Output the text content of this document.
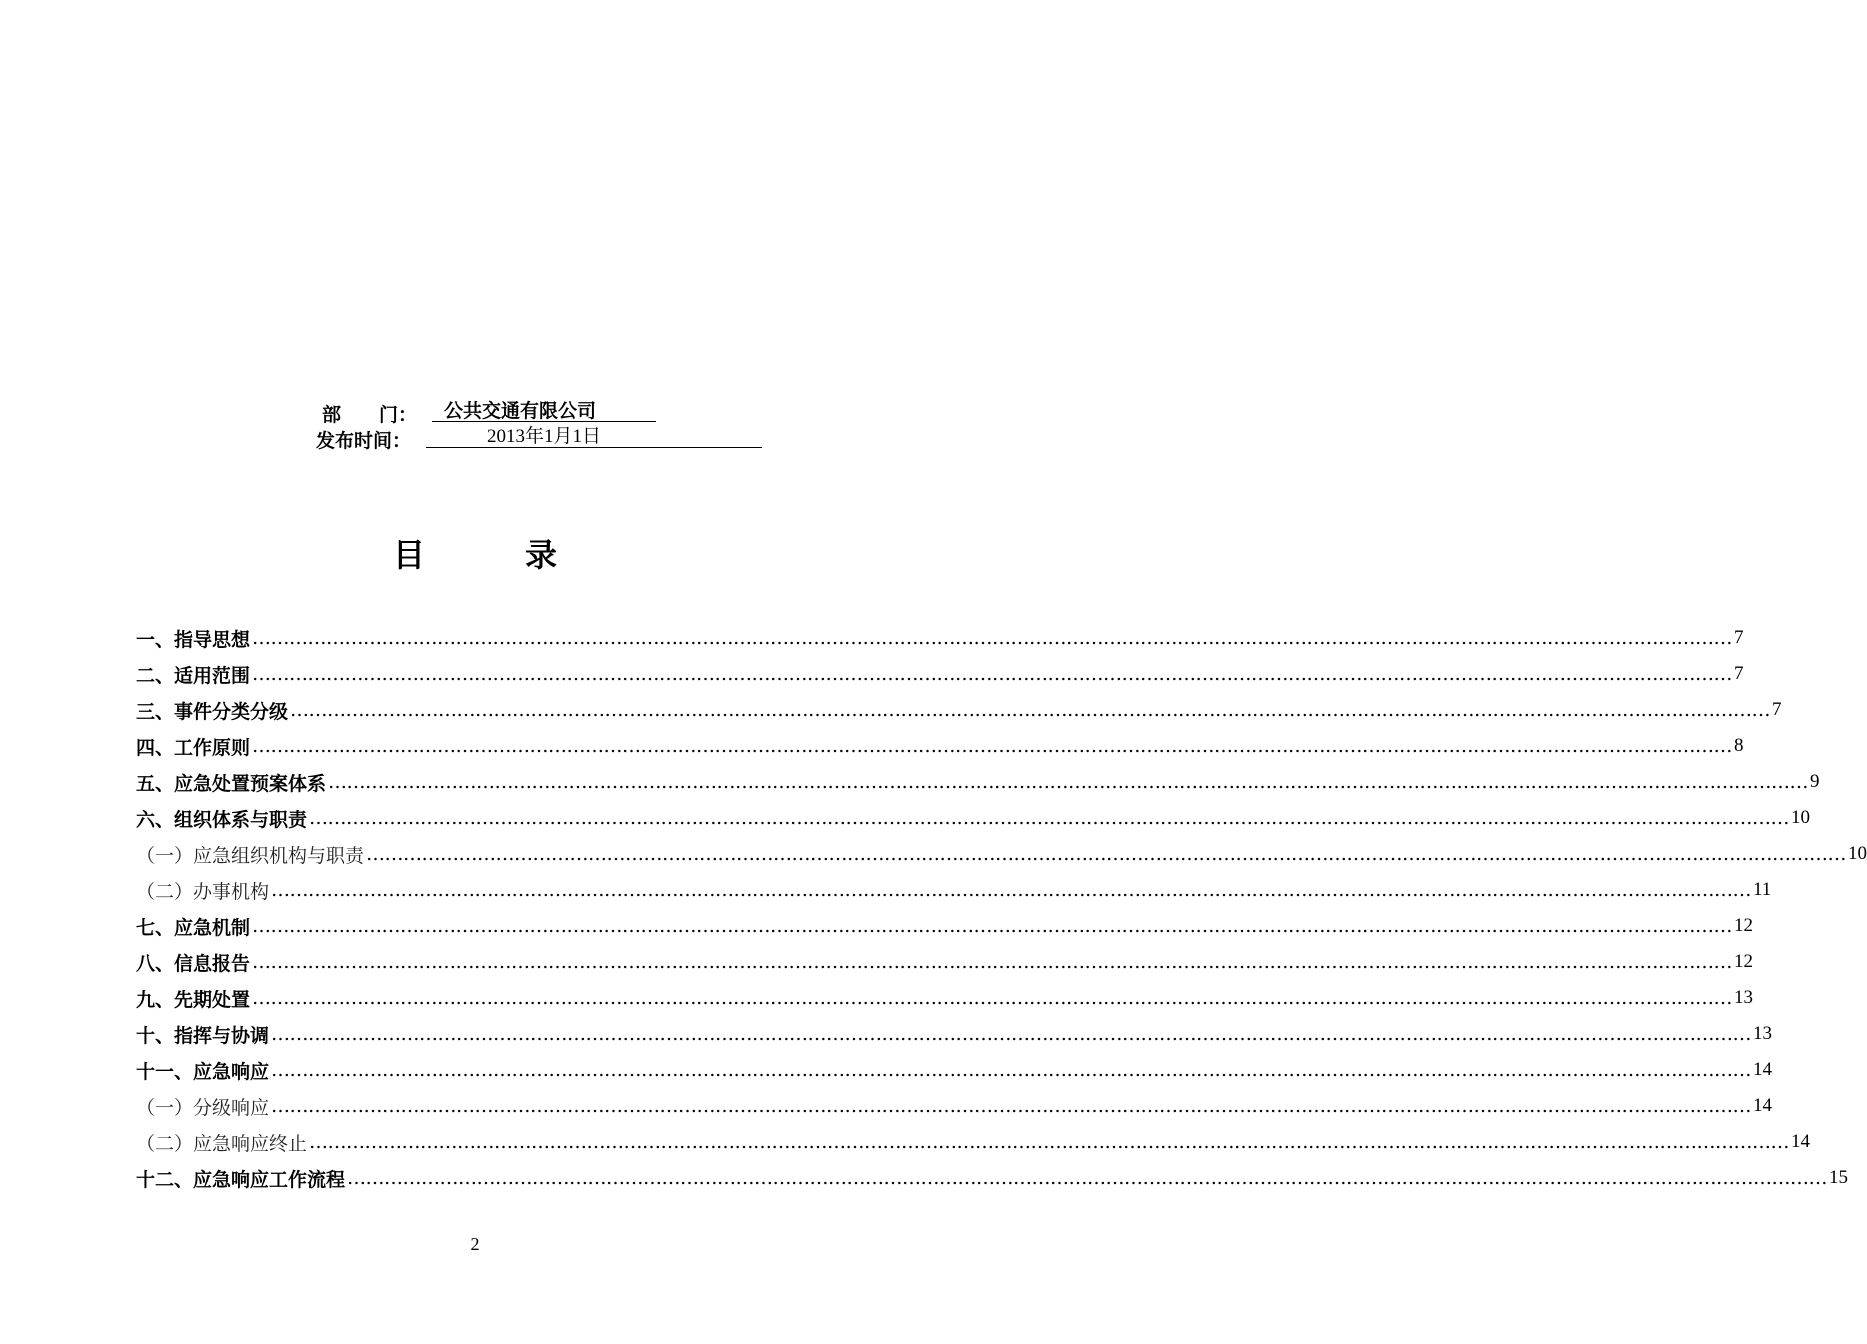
部　　门：	公共交通有限公司
发布时间：	2013年1月1日
目	录
一、指导思想 …………………………………………………………………………………………………………………………………………………………………………………………………………………… 7
二、适用范围 …………………………………………………………………………………………………………………………………………………………………………………………………………………… 7
三、事件分类分级 …………………………………………………………………………………………………………………………………………………………………………………………………………………… 7
四、工作原则 …………………………………………………………………………………………………………………………………………………………………………………………………………………… 8
五、应急处置预案体系 …………………………………………………………………………………………………………………………………………………………………………………………………………………… 9
六、组织体系与职责 …………………………………………………………………………………………………………………………………………………………………………………………………………………… 10
（一）应急组织机构与职责 …………………………………………………………………………………………………………………………………………………………………………………………………………………… 10
（二）办事机构 …………………………………………………………………………………………………………………………………………………………………………………………………………………… 11
七、应急机制 …………………………………………………………………………………………………………………………………………………………………………………………………………………… 12
八、信息报告 …………………………………………………………………………………………………………………………………………………………………………………………………………………… 12
九、先期处置 …………………………………………………………………………………………………………………………………………………………………………………………………………………… 13
十、指挥与协调 …………………………………………………………………………………………………………………………………………………………………………………………………………………… 13
十一、应急响应 …………………………………………………………………………………………………………………………………………………………………………………………………………………… 14
（一）分级响应 …………………………………………………………………………………………………………………………………………………………………………………………………………………… 14
（二）应急响应终止 …………………………………………………………………………………………………………………………………………………………………………………………………………………… 14
十二、应急响应工作流程 …………………………………………………………………………………………………………………………………………………………………………………………………………………… 15
2
